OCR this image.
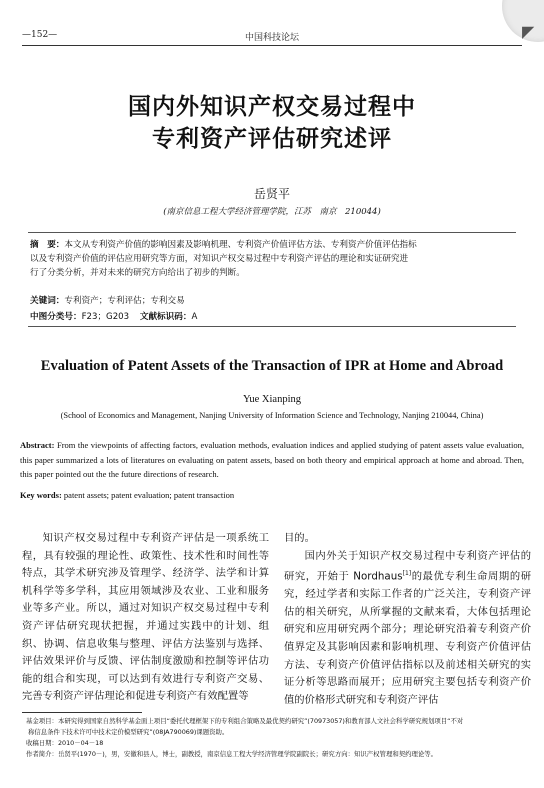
◤
—152—	中国科技论坛
国内外知识产权交易过程中
专利资产评估研究述评
岳贤平
(南京信息工程大学经济管理学院，江苏　南京　210044)
摘　要：本文从专利资产价值的影响因素及影响机理、专利资产价值评估方法、专利资产价值评估指标
以及专利资产价值的评估应用研究等方面，对知识产权交易过程中专利资产评估的理论和实证研究进
行了分类分析，并对未来的研究方向给出了初步的判断。
关键词：专利资产；专利评估；专利交易
中图分类号：F23；G203 文献标识码：A
Evaluation of Patent Assets of the Transaction of IPR at Home and Abroad
Yue Xianping
(School of Economics and Management, Nanjing University of Information Science and Technology, Nanjing 210044, China)
Abstract: From the viewpoints of affecting factors, evaluation methods, evaluation indices and applied studying of patent assets value evaluation, this paper summarized a lots of literatures on evaluating on patent assets, based on both theory and empirical approach at home and abroad. Then, this paper pointed out the the future directions of research.
Key words: patent assets; patent evaluation; patent transaction

知识产权交易过程中专利资产评估是一项系统工程，具有较强的理论性、政策性、技术性和时间性等特点，其学术研究涉及管理学、经济学、法学和计算机科学等多学科，其应用领域涉及农业、工业和服务业等多产业。所以，通过对知识产权交易过程中专利资产评估研究现状把握，并通过实践中的计划、组织、协调、信息收集与整理、评估方法鉴别与选择、评估效果评价与反馈、评估制度激励和控制等评估功能的组合和实现，可以达到有效进行专利资产交易、完善专利资产评估理论和促进专利资产有效配置等

目的。

国内外关于知识产权交易过程中专利资产评估的研究，开始于 Nordhaus[1]的最优专利生命周期的研究，经过学者和实际工作者的广泛关注，专利资产评估的相关研究，从所掌握的文献来看，大体包括理论研究和应用研究两个部分；理论研究沿着专利资产价值界定及其影响因素和影响机理、专利资产价值评估方法、专利资产价值评估指标以及前述相关研究的实证分析等思路而展开；应用研究主要包括专利资产价值的价格形式研究和专利资产评估

基金项目：本研究得到国家自然科学基金面上项目“委托代理框架下的专利组合策略及最优契约研究”(70973057)和教育部人文社会科学研究规划项目“不对
称信息条件下技术许可中技术定价模型研究”(08JA790069)课题资助。
收稿日期：2010－04－18
作者简介：岳贤平(1970－)，男，安徽和县人，博士，副教授，南京信息工程大学经济管理学院副院长；研究方向：知识产权管理和契约理论等。
